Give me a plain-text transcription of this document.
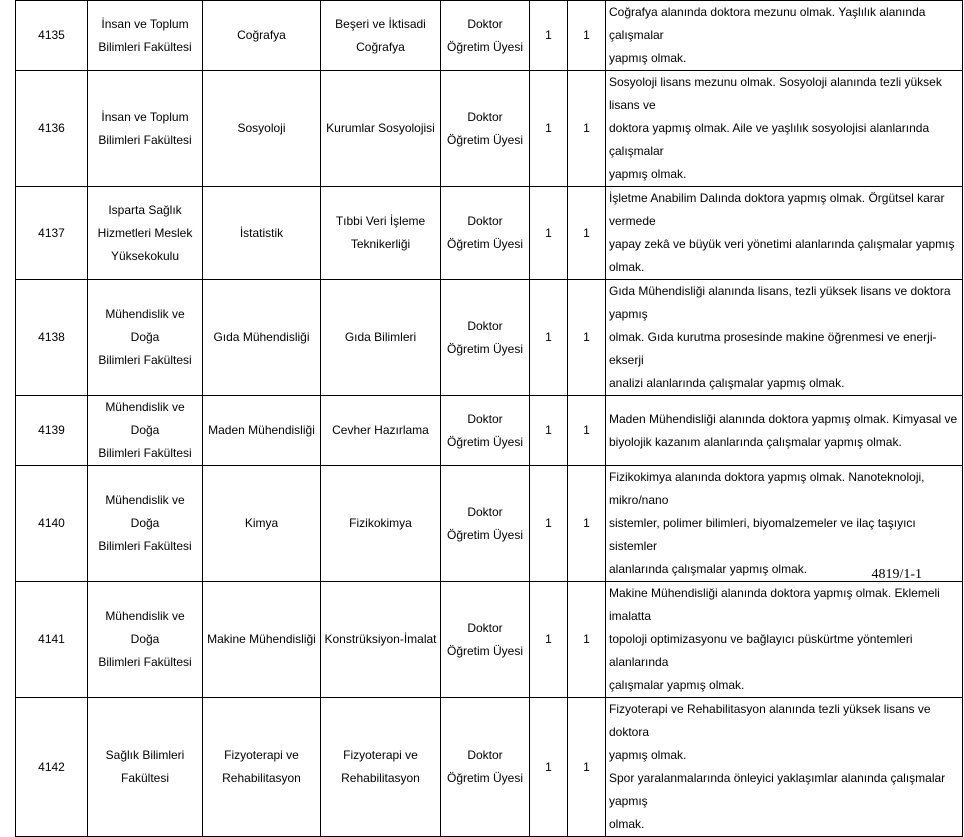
4135	İnsan ve Toplum
Bilimleri Fakültesi	Coğrafya	Beşeri ve İktisadi
Coğrafya	Doktor
Öğretim Üyesi	1	1	Coğrafya alanında doktora mezunu olmak. Yaşlılık alanında çalışmalar
yapmış olmak.
4136	İnsan ve Toplum
Bilimleri Fakültesi	Sosyoloji	Kurumlar Sosyolojisi	Doktor
Öğretim Üyesi	1	1	Sosyoloji lisans mezunu olmak. Sosyoloji alanında tezli yüksek lisans ve
doktora yapmış olmak. Aile ve yaşlılık sosyolojisi alanlarında çalışmalar
yapmış olmak.
4137	Isparta Sağlık
Hizmetleri Meslek
Yüksekokulu	İstatistik	Tıbbi Veri İşleme
Teknikerliği	Doktor
Öğretim Üyesi	1	1	İşletme Anabilim Dalında doktora yapmış olmak. Örgütsel karar vermede
yapay zekâ ve büyük veri yönetimi alanlarında çalışmalar yapmış olmak.
4138	Mühendislik ve Doğa
Bilimleri Fakültesi	Gıda Mühendisliği	Gıda Bilimleri	Doktor
Öğretim Üyesi	1	1	Gıda Mühendisliği alanında lisans, tezli yüksek lisans ve doktora yapmış
olmak. Gıda kurutma prosesinde makine öğrenmesi ve enerji-ekserji
analizi alanlarında çalışmalar yapmış olmak.
4139	Mühendislik ve Doğa
Bilimleri Fakültesi	Maden Mühendisliği	Cevher Hazırlama	Doktor
Öğretim Üyesi	1	1	Maden Mühendisliği alanında doktora yapmış olmak. Kimyasal ve
biyolojik kazanım alanlarında çalışmalar yapmış olmak.
4140	Mühendislik ve Doğa
Bilimleri Fakültesi	Kimya	Fizikokimya	Doktor
Öğretim Üyesi	1	1	Fizikokimya alanında doktora yapmış olmak. Nanoteknoloji, mikro/nano
sistemler, polimer bilimleri, biyomalzemeler ve ilaç taşıyıcı sistemler
alanlarında çalışmalar yapmış olmak.
4141	Mühendislik ve Doğa
Bilimleri Fakültesi	Makine Mühendisliği	Konstrüksiyon-İmalat	Doktor
Öğretim Üyesi	1	1	Makine Mühendisliği alanında doktora yapmış olmak. Eklemeli imalatta
topoloji optimizasyonu ve bağlayıcı püskürtme yöntemleri alanlarında
çalışmalar yapmış olmak.
4142	Sağlık Bilimleri
Fakültesi	Fizyoterapi ve
Rehabilitasyon	Fizyoterapi ve
Rehabilitasyon	Doktor
Öğretim Üyesi	1	1	Fizyoterapi ve Rehabilitasyon alanında tezli yüksek lisans ve doktora
yapmış olmak.
Spor yaralanmalarında önleyici yaklaşımlar alanında çalışmalar yapmış
olmak.
4819/1-1
